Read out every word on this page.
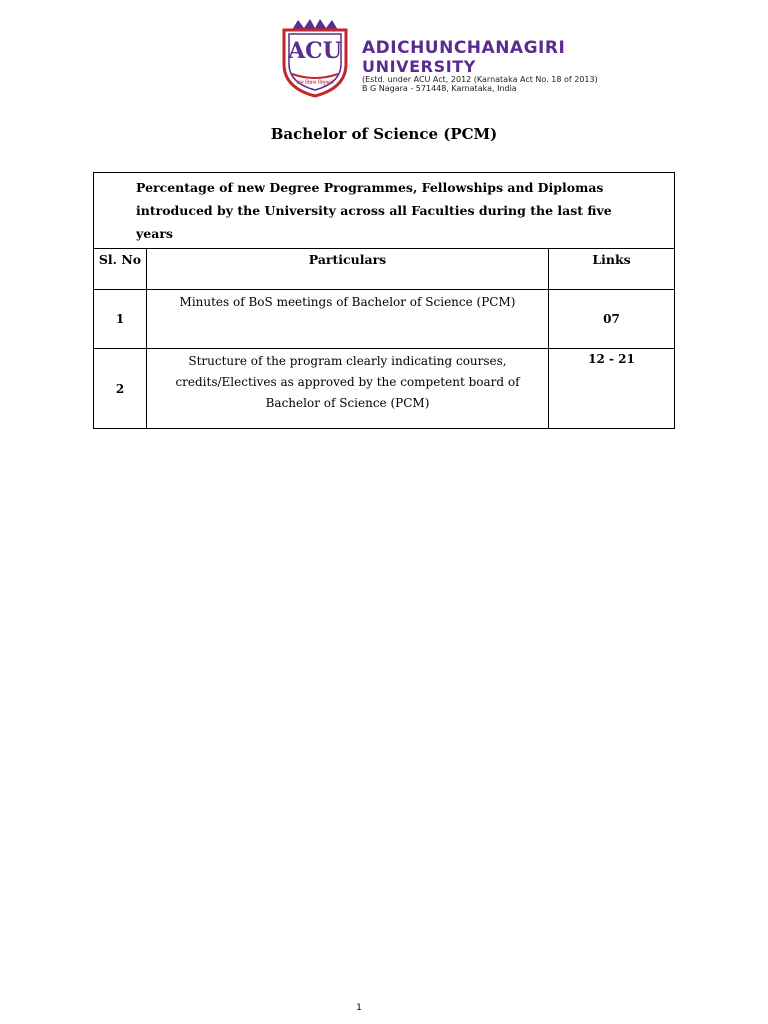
ACU
ज्ञान विज्ञान विमुक्तये
ADICHUNCHANAGIRI
UNIVERSITY
(Estd. under ACU Act, 2012 (Karnataka Act No. 18 of 2013)
B G Nagara - 571448, Karnataka, India
Bachelor of Science (PCM)
Percentage of new Degree Programmes, Fellowships and Diplomas introduced by the University across all Faculties during the last five years		
Sl. No	Particulars	Links
1	Minutes of BoS meetings of Bachelor of Science (PCM)	07
2	Structure of the program clearly indicating courses, credits/Electives as approved by the competent board of Bachelor of Science (PCM)	12 - 21
1
